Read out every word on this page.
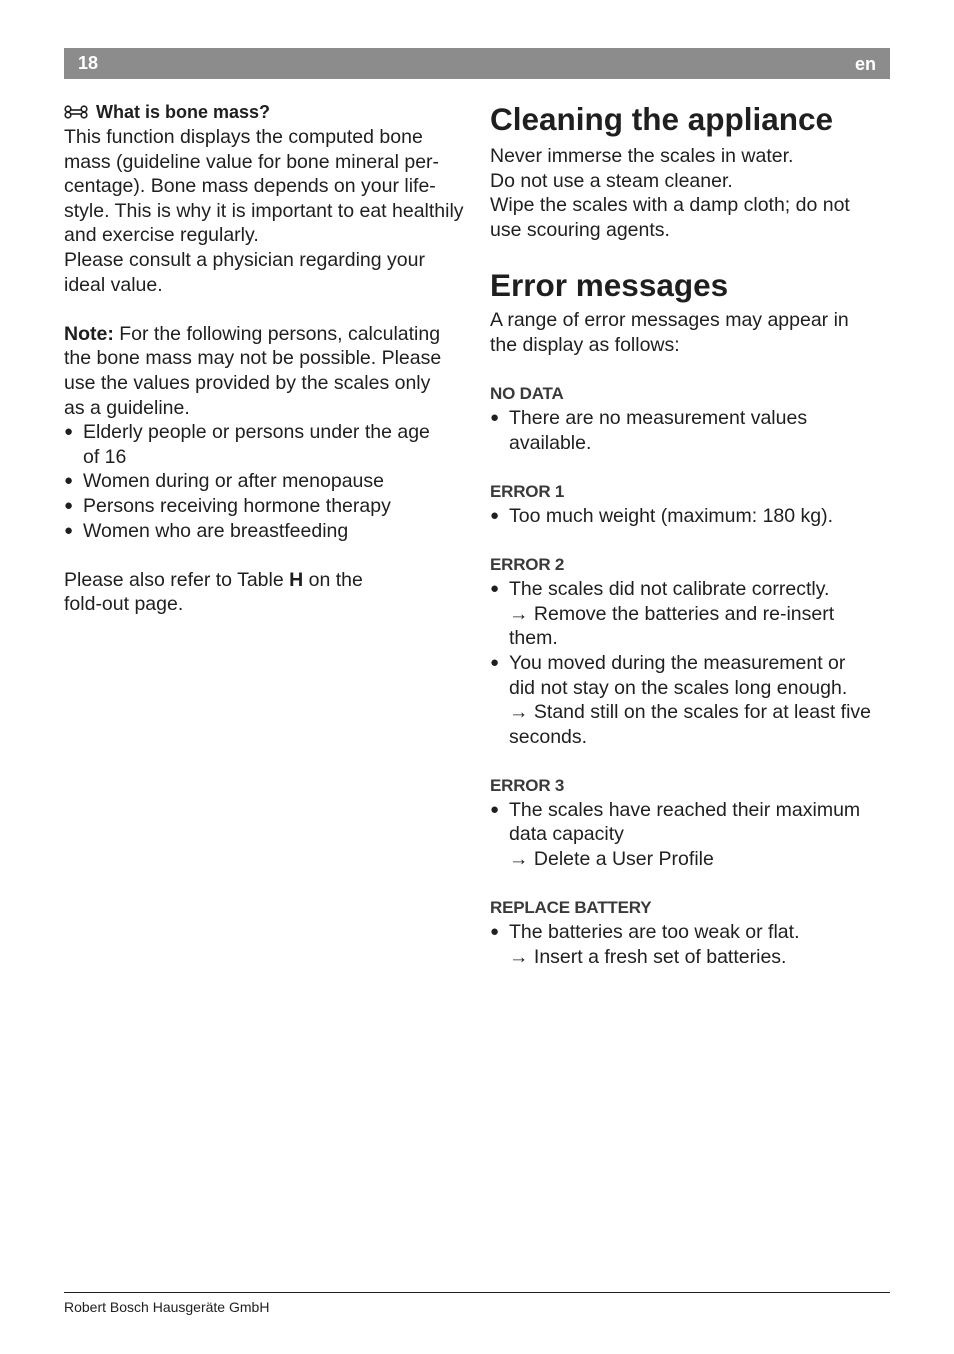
18	en
What is bone mass?

This function displays the computed bone

mass (guideline value for bone mineral per-

centage). Bone mass depends on your life-

style. This is why it is important to eat healthily

and exercise regularly.

Please consult a physician regarding your

ideal value.

Note: For the following persons, calculating

the bone mass may not be possible. Please

use the values provided by the scales only

as a guideline.

● Elderly people or persons under the age
of 16
● Women during or after menopause
● Persons receiving hormone therapy
● Women who are breastfeeding

Please also refer to Table H on the

fold-out page.

Cleaning the appliance

Never immerse the scales in water.

Do not use a steam cleaner.

Wipe the scales with a damp cloth; do not

use scouring agents.

Error messages

A range of error messages may appear in

the display as follows:

NO DATA
● There are no measurement values
available.
ERROR 1
● Too much weight (maximum: 180 kg).
ERROR 2
● The scales did not calibrate correctly.
→ Remove the batteries and re-insert
them.
● You moved during the measurement or
did not stay on the scales long enough.
→ Stand still on the scales for at least five
seconds.
ERROR 3
● The scales have reached their maximum
data capacity
→ Delete a User Profile
REPLACE BATTERY
● The batteries are too weak or flat.
→ Insert a fresh set of batteries.
Robert Bosch Hausgeräte GmbH
